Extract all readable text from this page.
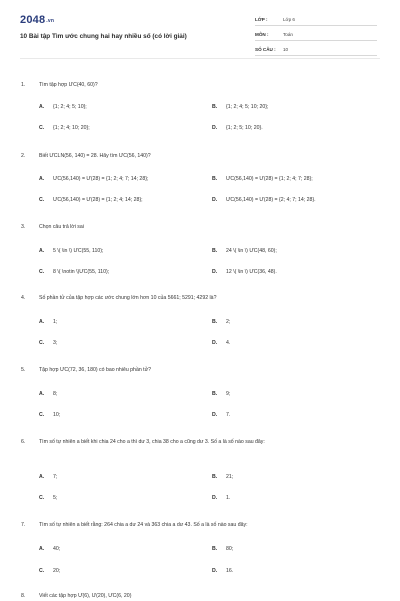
$2048^{.vn}$
10 Bài tập Tìm ước chung hai hay nhiều số (có lời giải)
LỚP :	Lớp 6
MÔN :	Toán
SỐ CÂU : 10
1.	Tìm tập hợp ƯC(40, 60)?
A. {1; 2; 4; 5; 10};	B. {1; 2; 4; 5; 10; 20};
C. {1; 2; 4; 10; 20};	D. {1; 2; 5; 10; 20}.
2.	Biết ƯCLN(56, 140) = 28. Hãy tìm ƯC(56, 140)?
A. ƯC(56,140) = Ư(28) = {1; 2; 4; 7; 14; 28};	B. ƯC(56,140) = Ư(28) = {1; 2; 4; 7; 28};
C. ƯC(56,140) = Ư(28) = {1; 2; 4; 14; 28};	D. ƯC(56,140) = Ư(28) = {2; 4; 7; 14; 28}.
3.	Chọn câu trả lời sai
A. 5 \( \in \) ƯC(55, 110);	B. 24 \( \in \) ƯC(48, 60);
C. 8 \( \notin \)ƯC(55, 110);	D. 12 \( \in \) ƯC(36, 48).
4.	Số phần tử của tập hợp các ước chung lớn hơn 10 của 5661; 5291; 4292 là?
A. 1;	B. 2;
C. 3;	D. 4.
5.	Tập hợp ƯC(72, 36, 180) có bao nhiêu phần tử?
A. 8;	B. 9;
C. 10;	D. 7.
6.	Tìm số tự nhiên a biết khi chia 24 cho a thì dư 3, chia 38 cho a cũng dư 3. Số a là số nào sau đây:
A. 7;	B. 21;
C. 5;	D. 1.
7.	Tìm số tự nhiên a biết rằng: 264 chia a dư 24 và 363 chia a dư 43. Số a là số nào sau đây:
A. 40;	B. 80;
C. 20;	D. 16.
8.	Viết các tập hợp Ư(6), Ư(20), ƯC(6, 20)
